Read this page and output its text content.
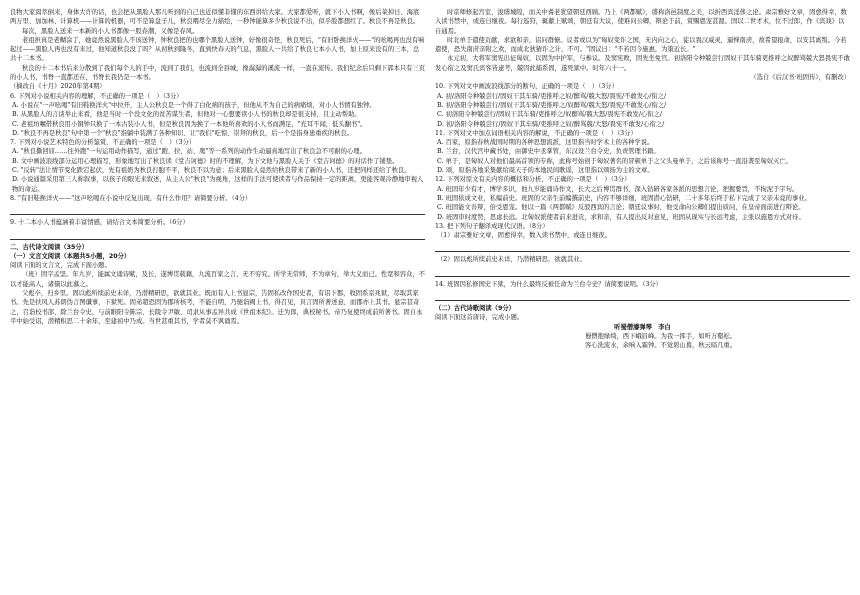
良物大家渴萃倒来，身体大许的话，也会把从黑脸人那儿听到的自己也近似懂非懂的东西讲给大家。大家都爱听，就下小人书啊，像后菜掉日、海底两万里、加加林、计算机——计算的机器，可不是算盘子儿，秋良喂尽全力描绘，一秒钟能算多少秋良说不出，似乎脸都想红了。秋良不再是秋良。

每次，黑脸人送来一本新的小人书都像一股春潮，又像是春风。

老祖担真是老糊涂了，她竟然说黑脸人不该送钟，钟秋良把的也哪个黑脸人送钟，好像很奇怪，秋良死后，"有旧卧换洋火——"的吆喝再也没有响起过——黑脸人再也没有来过，他知道秋良没了吗？从初秋到隆冬，直到快春天的气息，黑脸人一共给了秋良七本小人书，加上原来没有的三本，总共十二本书。

秋良的十二本书后来分散到了我们每个人的手中，流到了我们，也流到全县城，像潺潺的溪流一样，一直在流传。我们纪念后只剩下郭本只有三页的小人书，书脊一直都还在，书脊长我仍是一本书。

（摘改自《十月》2020年第4期）

6. 下列对小说相关内容的理解，不正确的一项是（　）（3分）

A. 小说在"一声吆喝"有旧鞋换洋火"中拉开，主人公秋良是一个得了白化病的孩子，但他从不为自己的病痛烦，对小人书情有独钟。

B. 从黑脸人的言谈举止来看，他是当时一个没文化的贫苦谋生者，但他对一心想要读小人书的秋良却是很支持，且主动帮助。

C. 老祖坊嘱借秋良用小铜钟只换了一本古装小人书，但是秋良因为换了一本他所喜欢的小人书而满足，"充耳不闻，低头翻书"。

D. "秋良不再是秋良"句中第一个"秋良"指躺中装满了各种知识、让"我们"吃惊、崇拜的秋良，后一个是指身患重疾的秋良。

7. 下列对小说艺术特色的分析鉴赏，不正确的一项是（　）（3分）

A. "秋良撕回屈……往外跑"一句运用动作描写，通过"跑、拉、站、爬"等一系列的动作生动逼真地写出了秋良急不可耐的心理。

B. 文中画波浪线部分运用心理描写，形象地写出了秋良读《堂吉诃德》时的不理解，为下文他与黑脸人关于《堂吉诃德》的对话作了铺垫。

C. "反转"法让情节变化跌宕起伏，先有祖奶为秋良打胞不平，秋良不以为意；后来黑脸人竟然给秋良带来了新的小人书，还把同样还给了秋良。

D. 小说通篇采用第三人称叙事，以孩子的眼光来叙述，从主人公"秋良"为视角，这样的手法可使读者与作品保持一定的距离，更能客观冷静地审视人物的命运。

8. "有旧鞋换洋火——"这声吆喝在小说中反复出现，有什么作用？请简要分析。（4分）

9. 十二本小人书蕴涵着丰富情感，请结合文本简要分析。（6分）

二、古代诗文阅读（35分）

（一）文言文阅读（本题共5小题，20分）

阅读下面的文言文，完成下面小题。

（班）固字孟坚。年九岁，能属文诵诗赋，及长，遂博贯载籍，九流百家之言，无不穷究。所学无常师，不为章句，举大义而已。性宽和容众，不以才能高人，诸儒以此慕之。

父彪卒，归乡里。固以彪所续前史未详，乃潜精研思，欲就其业。既而有人上书显宗，告固私改作国史者，有诏下郡，收固系京兆狱，尽取其家书。先是扶风人苏朗伪言图谶事，下狱死。固弟超恐固为郡所核考，不能自明，乃驰诣阙上书，得召见，具言固所著述意，而郡亦上其书。显宗甚奇之，召诣校书部，除兰台令史，与前睢阳令陈宗、长陵令尹敏、司隶从事孟异共成《世祖本纪》。迁为郎，典校秘书。帝乃复使终成前所著书。固自永平中始受诏，潜精积思二十余年，至建初中乃成。当世甚重其书，学者莫不讽诵焉。

时京师修起宫室，浚缮城隍，而关中耆老犹望朝廷西顾。乃上《两都赋》，盛称洛邑制度之美，以折西宾淫侈之论。肃宗雅好文章，固愈得幸，数入读书禁中，或连日继夜。每行巡狩，辄献上赋颂，朝廷有大议，使难问公卿，辩论于前，赏赐恩宠甚渥。固以二世才术，位不过郎，作《宾戏》以自通焉。

时北单于遣使贡献，求欲和亲，诏问群僚。议者或以为"匈奴变诈之国，无内向之心，徒以畏汉威灵，逼惮南虏，故希望报命，以安其离叛。今若遣使，恐失南虏亲附之欢，而成北狄猜诈之计，不可。"固议曰："不若因今施惠，为策近长。"

永元初，大将军窦宪出征匈奴，以固为中护军，与参议。及窦宪败，固先坐免官。初洛阳令种兢尝行固奴干其车骑吏推呼之奴醉骂兢大怒畏宪不敢发心衔之及窦氏宾客皆逮考，兢因此捕系固，遂死狱中。时年六十一。

（选自《后汉书·班固传》，有删改）

10. 下列对文中画波浪线部分的断句，正确的一项是（　）（3分）

A. 初/洛阳令种兢尝行/固奴干其车骑/吏推呼之奴/醉骂/兢大怒/畏宪/不敢发心/衔之/

B. 初/洛阳令种兢尝行/固奴干其车骑/吏推呼之/奴醉骂/兢大怒/畏宪/不敢发心/衔之/

C. 初洛阳令种兢尝行/固奴干其车骑/吏推呼之/奴醉骂/兢大怒/畏宪不敢发/心衔之/

D. 初/洛阳令种兢尝行/固奴干其车骑/吏推呼之奴/醉骂兢/大怒/畏宪不敢发/心衔之/

11. 下列对文中加点词语相关内容的解说，不正确的一项是（　）（3分）

A. 百家，原指春秋战国时期的各种思想流派，这里指当时学术上的各种学说。

B. 兰台，汉代宫中藏书处，由御史中丞掌管，东汉设兰台令史，负责管理书籍。

C. 单于，是匈奴人对他们最高首领的专称，此称号始创于匈奴著名的冒顿单于之父头曼单于，之后该称号一直沿袭至匈奴灭亡。

D. 颂，原指各地采集献给周天子的本地民间歌谣，这里指以颂扬为主的文章。

12. 下列对原文有关内容的概括和分析，不正确的一项是（　）（3分）

A. 班固年少有才，博学多识，他九岁能诵诗作文，长大之后博贯群书，深入钻研各家各派的思想言论，把握要旨，不拘泥于字句。

B. 班固依成文业，私编前史。班固的父亲生前编撰前史，内容不够详细，班固潜心钻研，二十多年后终于私下完成了父亲未竟的事业。

C. 班固能文善辩，倍受恩宠。他以一篇《两都赋》反驳西宾的言论；朝廷议事时，他受命向公卿们提出质问，在皇帝面前进行辩论。

D. 班固审时度势，思虑长远。北匈奴派使者前来进贡，求和亲，有人提出反对意见，班固从现实与长远考虑，主张以施恩方式对待。

13. 把下列句子翻译成现代汉语。（8分）

（1）肃宗雅好文章，固愈得幸，数入读书禁中，或连日继夜。

（2）固以彪所续前史未详，乃潜精研思，欲就其业。

14. 班固因私修国史下狱，为什么最终反被任命为兰台令史？请简要说明。（3分）

（二）古代诗歌阅读（9分）

阅读下面这首唐诗，完成小题。

听蜀僧濬弹琴　李白

蜀僧抱绿绮，西下峨眉峰。为我一挥手，如听万壑松。

客心洗流水，余响入霜钟。不觉碧山暮，秋云暗几重。
